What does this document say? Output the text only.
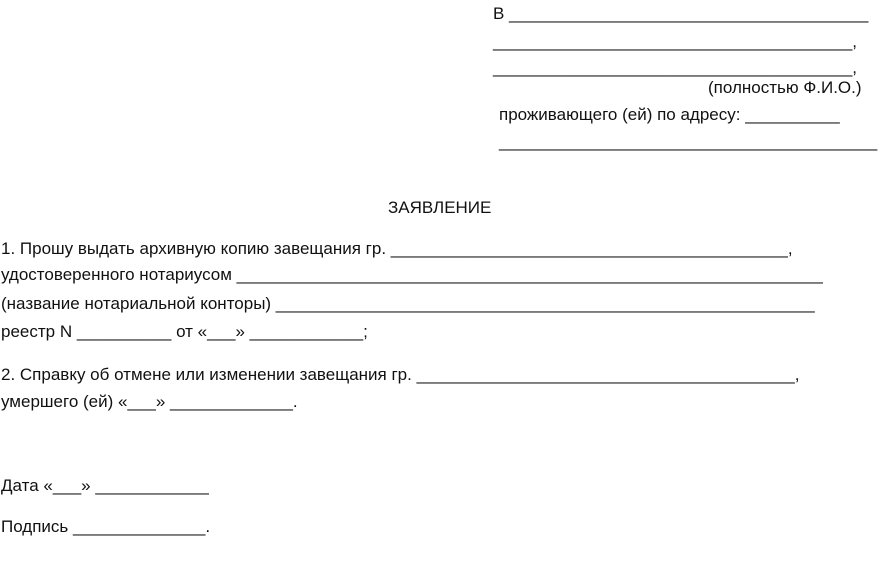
В ______________________________________
______________________________________,
______________________________________,
(полностью Ф.И.О.)
проживающего (ей) по адресу: __________
________________________________________
ЗАЯВЛЕНИЕ
1. Прошу выдать архивную копию завещания гр. __________________________________________,
удостоверенного нотариусом ______________________________________________________________
(название нотариальной конторы) _________________________________________________________
реестр N __________ от «___» ____________;
2. Справку об отмене или изменении завещания гр. ________________________________________,
умершего (ей) «___» _____________.
Дата «___» ____________
Подпись ______________.
